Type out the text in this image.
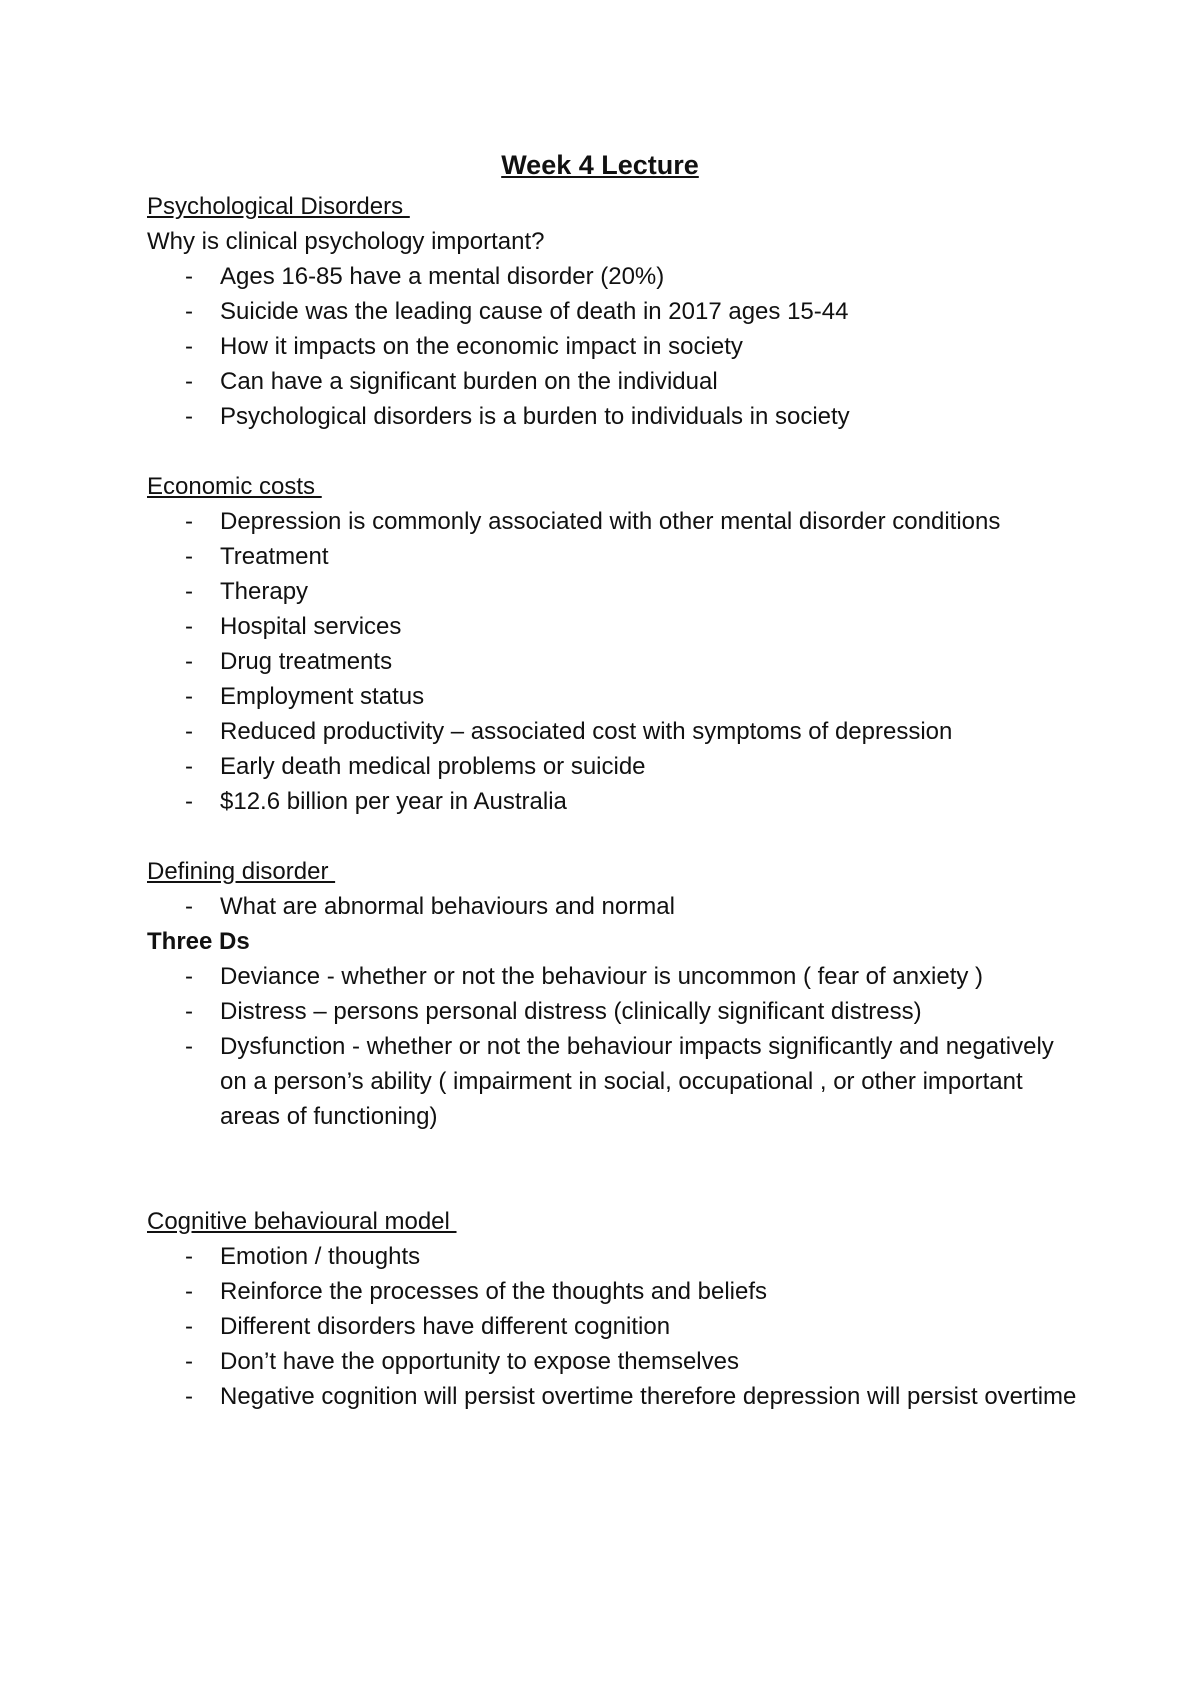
Week 4 Lecture
Psychological Disorders
Why is clinical psychology important?
- Ages 16-85 have a mental disorder (20%)
- Suicide was the leading cause of death in 2017 ages 15-44
- How it impacts on the economic impact in society
- Can have a significant burden on the individual
- Psychological disorders is a burden to individuals in society
Economic costs
- Depression is commonly associated with other mental disorder conditions
- Treatment
- Therapy
- Hospital services
- Drug treatments
- Employment status
- Reduced productivity – associated cost with symptoms of depression
- Early death medical problems or suicide
- $12.6 billion per year in Australia
Defining disorder
- What are abnormal behaviours and normal
Three Ds
- Deviance - whether or not the behaviour is uncommon ( fear of anxiety )
- Distress – persons personal distress (clinically significant distress)
- Dysfunction - whether or not the behaviour impacts significantly and negatively on a person’s ability ( impairment in social, occupational , or other important areas of functioning)
Cognitive behavioural model
- Emotion / thoughts
- Reinforce the processes of the thoughts and beliefs
- Different disorders have different cognition
- Don’t have the opportunity to expose themselves
- Negative cognition will persist overtime therefore depression will persist overtime
